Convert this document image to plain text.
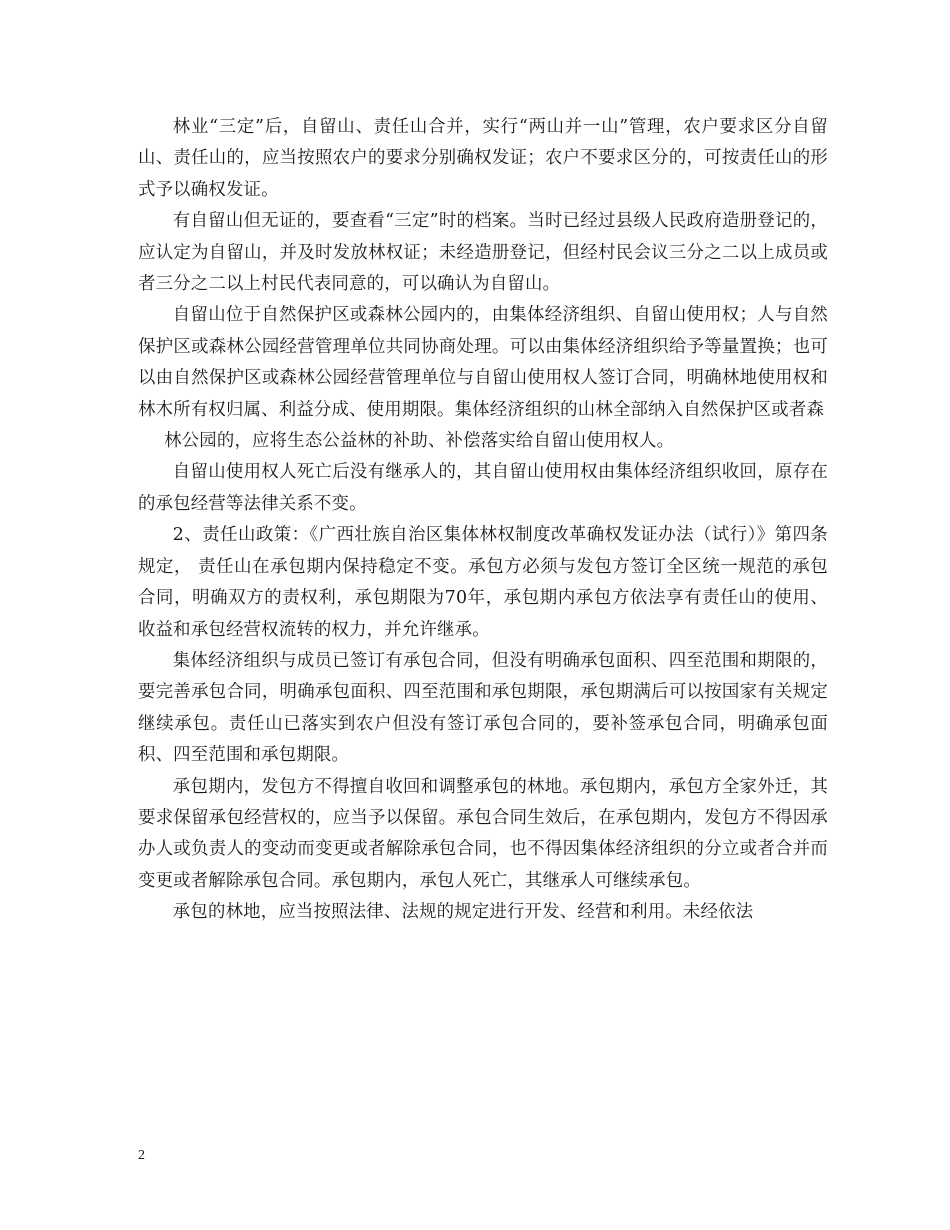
林业“三定”后，自留山、责任山合并，实行“两山并一山”管理，农户要求区分自留山、责任山的，应当按照农户的要求分别确权发证；农户不要求区分的，可按责任山的形式予以确权发证。

有自留山但无证的，要查看“三定”时的档案。当时已经过县级人民政府造册登记的，应认定为自留山，并及时发放林权证；未经造册登记，但经村民会议三分之二以上成员或者三分之二以上村民代表同意的，可以确认为自留山。

自留山位于自然保护区或森林公园内的，由集体经济组织、自留山使用权；人与自然保护区或森林公园经营管理单位共同协商处理。可以由集体经济组织给予等量置换；也可以由自然保护区或森林公园经营管理单位与自留山使用权人签订合同，明确林地使用权和林木所有权归属、利益分成、使用期限。集体经济组织的山林全部纳入自然保护区或者森

林公园的，应将生态公益林的补助、补偿落实给自留山使用权人。

自留山使用权人死亡后没有继承人的，其自留山使用权由集体经济组织收回，原存在的承包经营等法律关系不变。

2、责任山政策：《广西壮族自治区集体林权制度改革确权发证办法（试行）》第四条 规定， 责任山在承包期内保持稳定不变。承包方必须与发包方签订全区统一规范的承包合同，明确双方的责权利，承包期限为70年，承包期内承包方依法享有责任山的使用、收益和承包经营权流转的权力，并允许继承。

集体经济组织与成员已签订有承包合同，但没有明确承包面积、四至范围和期限的，要完善承包合同，明确承包面积、四至范围和承包期限，承包期满后可以按国家有关规定继续承包。责任山已落实到农户但没有签订承包合同的，要补签承包合同，明确承包面积、四至范围和承包期限。

承包期内，发包方不得擅自收回和调整承包的林地。承包期内，承包方全家外迁，其要求保留承包经营权的，应当予以保留。承包合同生效后，在承包期内，发包方不得因承办人或负责人的变动而变更或者解除承包合同，也不得因集体经济组织的分立或者合并而变更或者解除承包合同。承包期内，承包人死亡，其继承人可继续承包。

承包的林地，应当按照法律、法规的规定进行开发、经营和利用。未经依法

2
